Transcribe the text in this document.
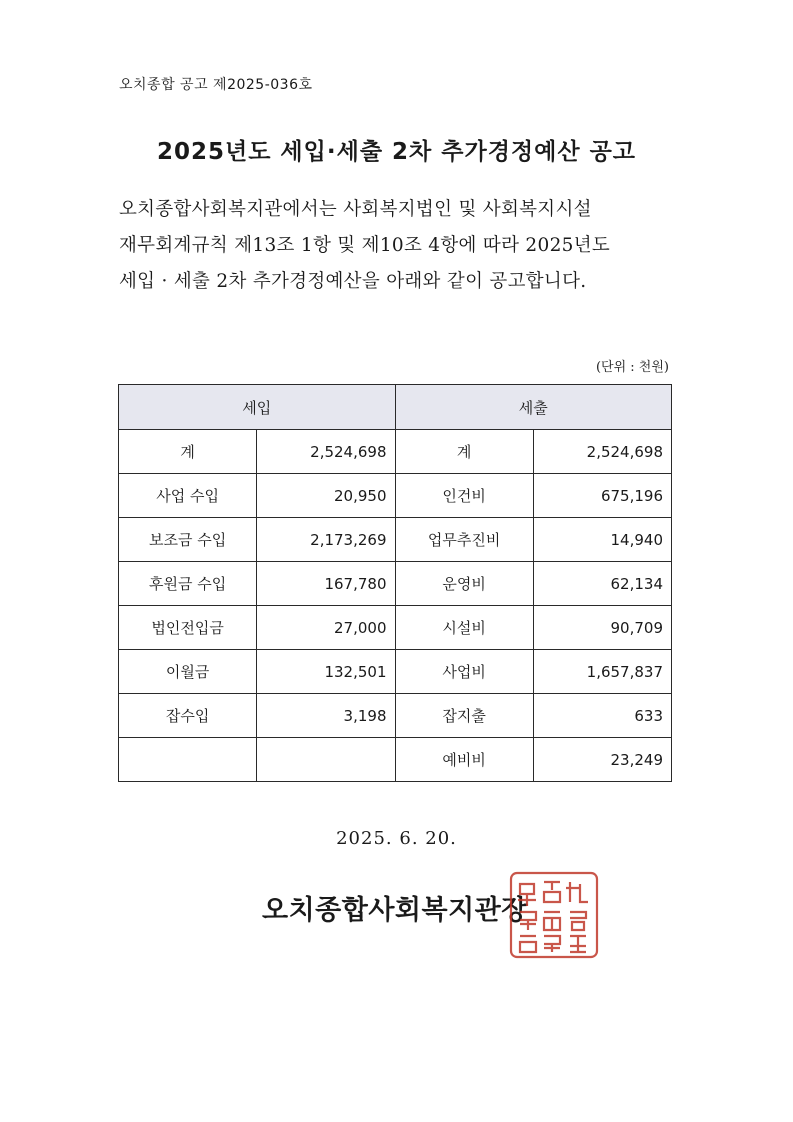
오치종합 공고 제2025-036호
2025년도 세입·세출 2차 추가경정예산 공고
오치종합사회복지관에서는 사회복지법인 및 사회복지시설
재무회계규칙 제13조 1항 및 제10조 4항에 따라 2025년도
세입 · 세출 2차 추가경정예산을 아래와 같이 공고합니다.
(단위 : 천원)
세입		세출	
계	2,524,698	계	2,524,698
사업 수입	20,950	인건비	675,196
보조금 수입	2,173,269	업무추진비	14,940
후원금 수입	167,780	운영비	62,134
법인전입금	27,000	시설비	90,709
이월금	132,501	사업비	1,657,837
잡수입	3,198	잡지출	633
		예비비	23,249
2025. 6. 20.
오치종합사회복지관장
